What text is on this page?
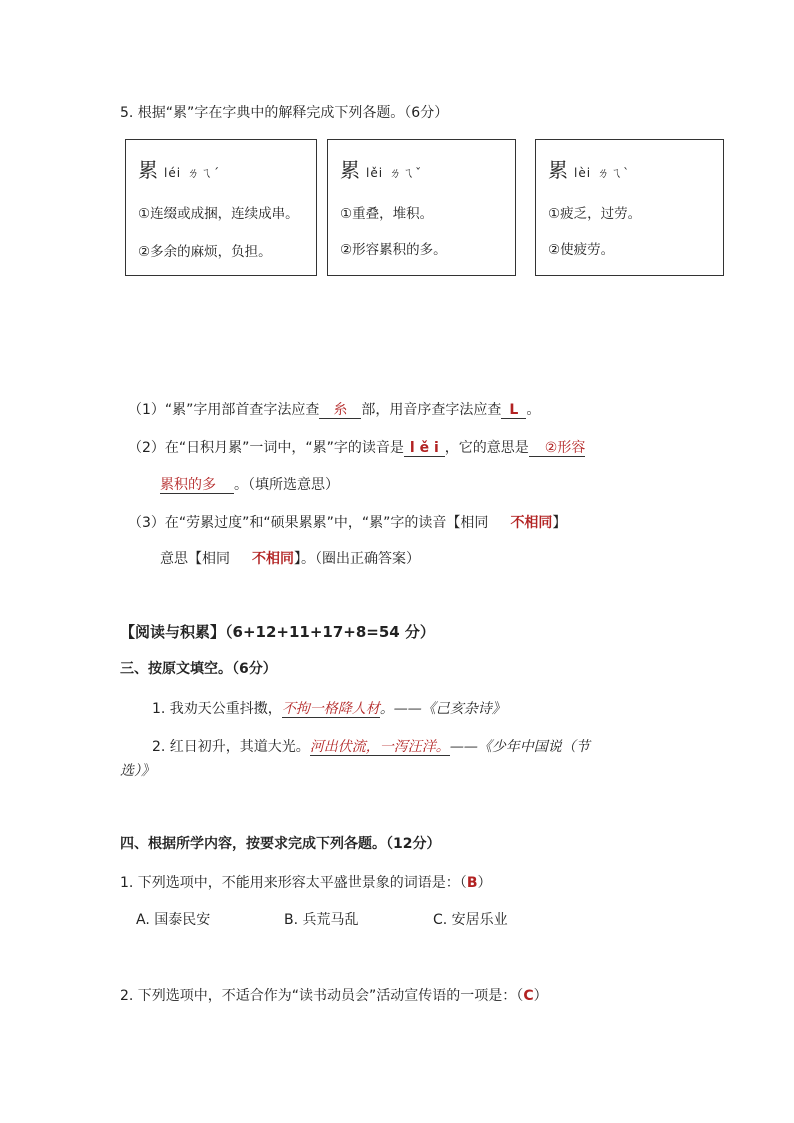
5. 根据“累”字在字典中的解释完成下列各题。（6分）
累léi ㄌㄟˊ
①连缀或成捆，连续成串。
②多余的麻烦，负担。
累lěi ㄌㄟˇ
①重叠，堆积。
②形容累积的多。
累lèi ㄌㄟˋ
①疲乏，过劳。
②使疲劳。
（1）“累”字用部首查字法应查 糸 部，用音序查字法应查 L 。
（2）在“日积月累”一词中，“累”字的读音是 l ě i ，它的意思是 ②形容
累积的多 。（填所选意思）
（3）在“劳累过度”和“硕果累累”中，“累”字的读音【相同 不相同】
意思【相同 不相同】。（圈出正确答案）
【阅读与积累】（6+12+11+17+8=54 分）
三、按原文填空。（6分）
1. 我劝天公重抖擞，不拘一格降人材。——《己亥杂诗》
2. 红日初升，其道大光。河出伏流，一泻汪洋。——《少年中国说（节
选）》
四、根据所学内容，按要求完成下列各题。（12分）
1. 下列选项中，不能用来形容太平盛世景象的词语是：（B）
A. 国泰民安	B. 兵荒马乱	C. 安居乐业
2. 下列选项中，不适合作为“读书动员会”活动宣传语的一项是：（C）
